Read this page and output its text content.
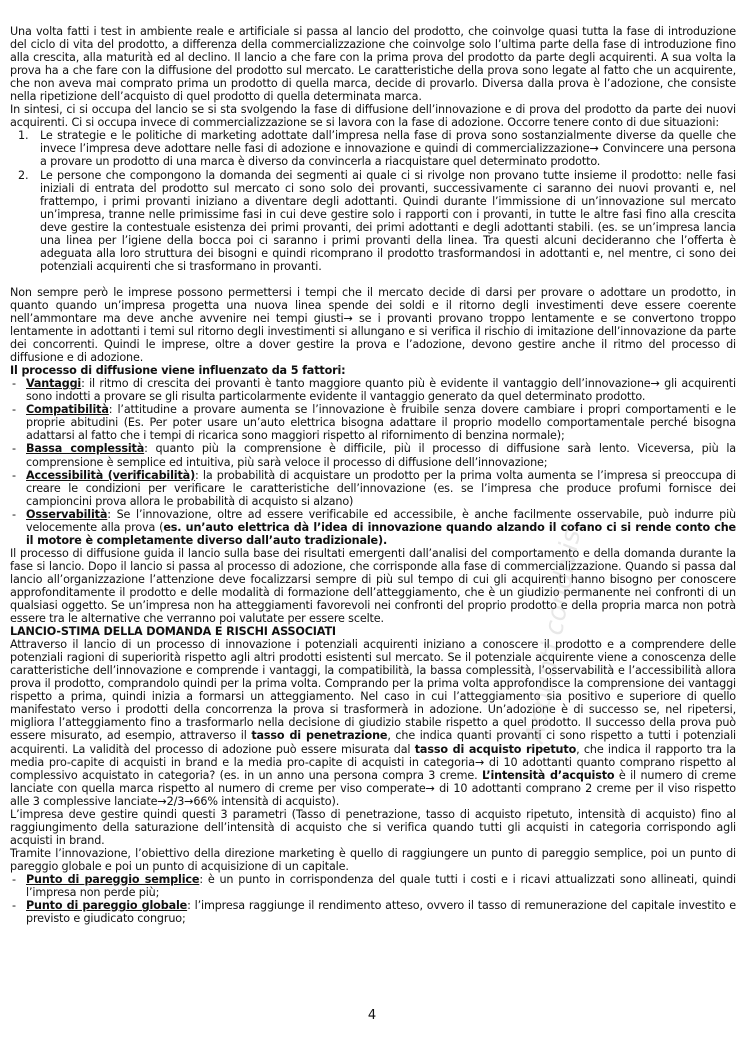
Una volta fatti i test in ambiente reale e artificiale si passa al lancio del prodotto, che coinvolge quasi tutta la fase di introduzione del ciclo di vita del prodotto, a differenza della commercializzazione che coinvolge solo l’ultima parte della fase di introduzione fino alla crescita, alla maturità ed al declino. Il lancio a che fare con la prima prova del prodotto da parte degli acquirenti. A sua volta la prova ha a che fare con la diffusione del prodotto sul mercato. Le caratteristiche della prova sono legate al fatto che un acquirente, che non aveva mai comprato prima un prodotto di quella marca, decide di provarlo. Diversa dalla prova è l’adozione, che consiste nella ripetizione dell’acquisto di quel prodotto di quella determinata marca.

In sintesi, ci si occupa del lancio se si sta svolgendo la fase di diffusione dell’innovazione e di prova del prodotto da parte dei nuovi acquirenti. Ci si occupa invece di commercializzazione se si lavora con la fase di adozione. Occorre tenere conto di due situazioni:

1. Le strategie e le politiche di marketing adottate dall’impresa nella fase di prova sono sostanzialmente diverse da quelle che invece l’impresa deve adottare nelle fasi di adozione e innovazione e quindi di commercializzazione→ Convincere una persona a provare un prodotto di una marca è diverso da convincerla a riacquistare quel determinato prodotto.
2. Le persone che compongono la domanda dei segmenti ai quale ci si rivolge non provano tutte insieme il prodotto: nelle fasi iniziali di entrata del prodotto sul mercato ci sono solo dei provanti, successivamente ci saranno dei nuovi provanti e, nel frattempo, i primi provanti iniziano a diventare degli adottanti. Quindi durante l’immissione di un’innovazione sul mercato un’impresa, tranne nelle primissime fasi in cui deve gestire solo i rapporti con i provanti, in tutte le altre fasi fino alla crescita deve gestire la contestuale esistenza dei primi provanti, dei primi adottanti e degli adottanti stabili. (es. se un’impresa lancia una linea per l’igiene della bocca poi ci saranno i primi provanti della linea. Tra questi alcuni decideranno che l’offerta è adeguata alla loro struttura dei bisogni e quindi ricomprano il prodotto trasformandosi in adottanti e, nel mentre, ci sono dei potenziali acquirenti che si trasformano in provanti.

Non sempre però le imprese possono permettersi i tempi che il mercato decide di darsi per provare o adottare un prodotto, in quanto quando un’impresa progetta una nuova linea spende dei soldi e il ritorno degli investimenti deve essere coerente nell’ammontare ma deve anche avvenire nei tempi giusti→ se i provanti provano troppo lentamente e se convertono troppo lentamente in adottanti i temi sul ritorno degli investimenti si allungano e si verifica il rischio di imitazione dell’innovazione da parte dei concorrenti. Quindi le imprese, oltre a dover gestire la prova e l’adozione, devono gestire anche il ritmo del processo di diffusione e di adozione.

Il processo di diffusione viene influenzato da 5 fattori:

- Vantaggi: il ritmo di crescita dei provanti è tanto maggiore quanto più è evidente il vantaggio dell’innovazione→ gli acquirenti sono indotti a provare se gli risulta particolarmente evidente il vantaggio generato da quel determinato prodotto.
- Compatibilità: l’attitudine a provare aumenta se l’innovazione è fruibile senza dovere cambiare i propri comportamenti e le proprie abitudini (Es. Per poter usare un’auto elettrica bisogna adattare il proprio modello comportamentale perché bisogna adattarsi al fatto che i tempi di ricarica sono maggiori rispetto al rifornimento di benzina normale);
- Bassa complessità: quanto più la comprensione è difficile, più il processo di diffusione sarà lento. Viceversa, più la comprensione è semplice ed intuitiva, più sarà veloce il processo di diffusione dell’innovazione;
- Accessibilità (verificabilità): la probabilità di acquistare un prodotto per la prima volta aumenta se l’impresa si preoccupa di creare le condizioni per verificare le caratteristiche dell’innovazione (es. se l’impresa che produce profumi fornisce dei campioncini prova allora le probabilità di acquisto si alzano)
- Osservabilità: Se l’innovazione, oltre ad essere verificabile ed accessibile, è anche facilmente osservabile, può indurre più velocemente alla prova (es. un’auto elettrica dà l’idea di innovazione quando alzando il cofano ci si rende conto che il motore è completamente diverso dall’auto tradizionale).

Il processo di diffusione guida il lancio sulla base dei risultati emergenti dall’analisi del comportamento e della domanda durante la fase si lancio. Dopo il lancio si passa al processo di adozione, che corrisponde alla fase di commercializzazione. Quando si passa dal lancio all’organizzazione l’attenzione deve focalizzarsi sempre di più sul tempo di cui gli acquirenti hanno bisogno per conoscere approfonditamente il prodotto e delle modalità di formazione dell’atteggiamento, che è un giudizio permanente nei confronti di un qualsiasi oggetto. Se un’impresa non ha atteggiamenti favorevoli nei confronti del proprio prodotto e della propria marca non potrà essere tra le alternative che verranno poi valutate per essere scelte.

LANCIO-STIMA DELLA DOMANDA E RISCHI ASSOCIATI

Attraverso il lancio di un processo di innovazione i potenziali acquirenti iniziano a conoscere il prodotto e a comprendere delle potenziali ragioni di superiorità rispetto agli altri prodotti esistenti sul mercato. Se il potenziale acquirente viene a conoscenza delle caratteristiche dell’innovazione e comprende i vantaggi, la compatibilità, la bassa complessità, l’osservabilità e l’accessibilità allora prova il prodotto, comprandolo quindi per la prima volta. Comprando per la prima volta approfondisce la comprensione dei vantaggi rispetto a prima, quindi inizia a formarsi un atteggiamento. Nel caso in cui l’atteggiamento sia positivo e superiore di quello manifestato verso i prodotti della concorrenza la prova si trasformerà in adozione. Un’adozione è di successo se, nel ripetersi, migliora l’atteggiamento fino a trasformarlo nella decisione di giudizio stabile rispetto a quel prodotto. Il successo della prova può essere misurato, ad esempio, attraverso il tasso di penetrazione, che indica quanti provanti ci sono rispetto a tutti i potenziali acquirenti. La validità del processo di adozione può essere misurata dal tasso di acquisto ripetuto, che indica il rapporto tra la media pro-capite di acquisti in brand e la media pro-capite di acquisti in categoria→ di 10 adottanti quanto comprano rispetto al complessivo acquistato in categoria? (es. in un anno una persona compra 3 creme. L’intensità d’acquisto è il numero di creme lanciate con quella marca rispetto al numero di creme per viso comperate→ di 10 adottanti comprano 2 creme per il viso rispetto alle 3 complessive lanciate→2/3→66% intensità di acquisto).

L’impresa deve gestire quindi questi 3 parametri (Tasso di penetrazione, tasso di acquisto ripetuto, intensità di acquisto) fino al raggiungimento della saturazione dell’intensità di acquisto che si verifica quando tutti gli acquisti in categoria corrispondo agli acquisti in brand.

Tramite l’innovazione, l’obiettivo della direzione marketing è quello di raggiungere un punto di pareggio semplice, poi un punto di pareggio globale e poi un punto di acquisizione di un capitale.

- Punto di pareggio semplice: è un punto in corrispondenza del quale tutti i costi e i ricavi attualizzati sono allineati, quindi l’impresa non perde più;
- Punto di pareggio globale: l’impresa raggiunge il rendimento atteso, ovvero il tasso di remunerazione del capitale investito e previsto e giudicato congruo;
Appunti condivisi
4
